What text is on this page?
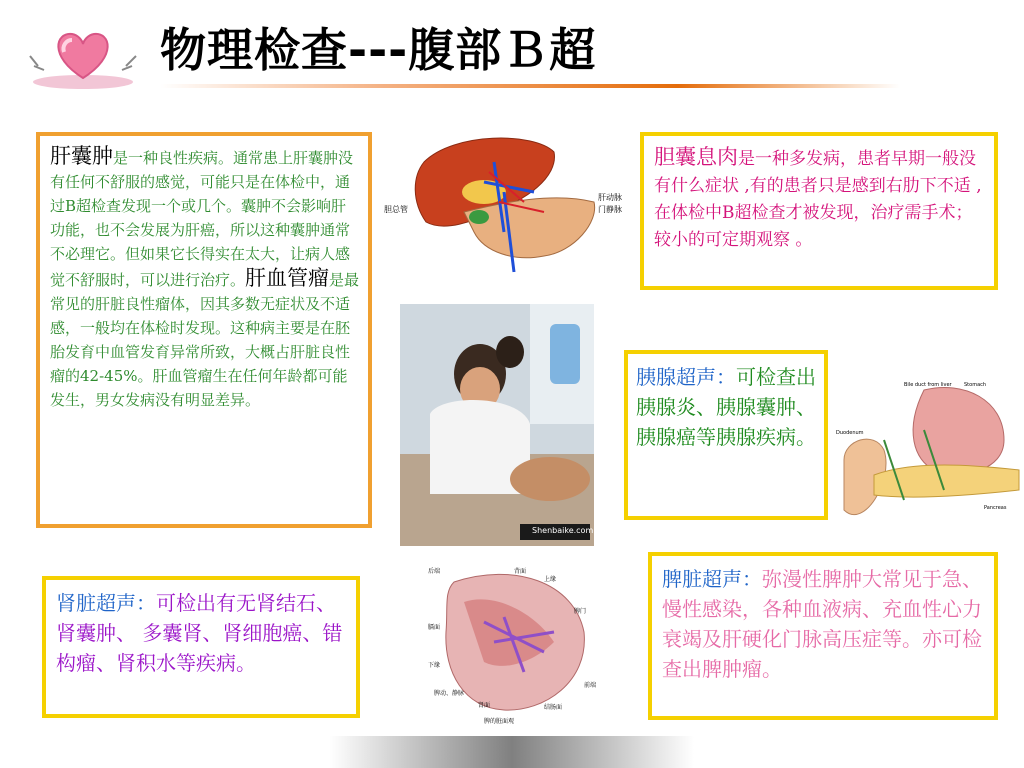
物理检查---腹部Ｂ超
肝囊肿是一种良性疾病。通常患上肝囊肿没有任何不舒服的感觉，可能只是在体检中，通过B超检查发现一个或几个。囊肿不会影响肝功能，也不会发展为肝癌，所以这种囊肿通常不必理它。但如果它长得实在太大，让病人感觉不舒服时，可以进行治疗。肝血管瘤是最常见的肝脏良性瘤体，因其多数无症状及不适感，一般均在体检时发现。这种病主要是在胚胎发育中血管发育异常所致，大概占肝脏良性瘤的42-45%。肝血管瘤生在任何年龄都可能发生，男女发病没有明显差异。
胆总管
肝动脉
门静脉
胆囊息肉是一种多发病，患者早期一般没有什么症状 ,有的患者只是感到右肋下不适 ,在体检中B超检查才被发现，治疗需手术；较小的可定期观察 。
Shenbaike.com
胰腺超声：可检查出胰腺炎、胰腺囊肿、胰腺癌等胰腺疾病。
Bile duct from liver Stomach
Duodenum
Pancreas
后端	背面
上缘
脾门
膈面
下缘
前端
脾动、静脉
肾面	结肠面
脾的脏面观
肾脏超声：可检出有无肾结石、肾囊肿、 多囊肾、肾细胞癌、错构瘤、肾积水等疾病。
脾脏超声：弥漫性脾肿大常见于急、慢性感染，各种血液病、充血性心力衰竭及肝硬化门脉高压症等。亦可检查出脾肿瘤。
